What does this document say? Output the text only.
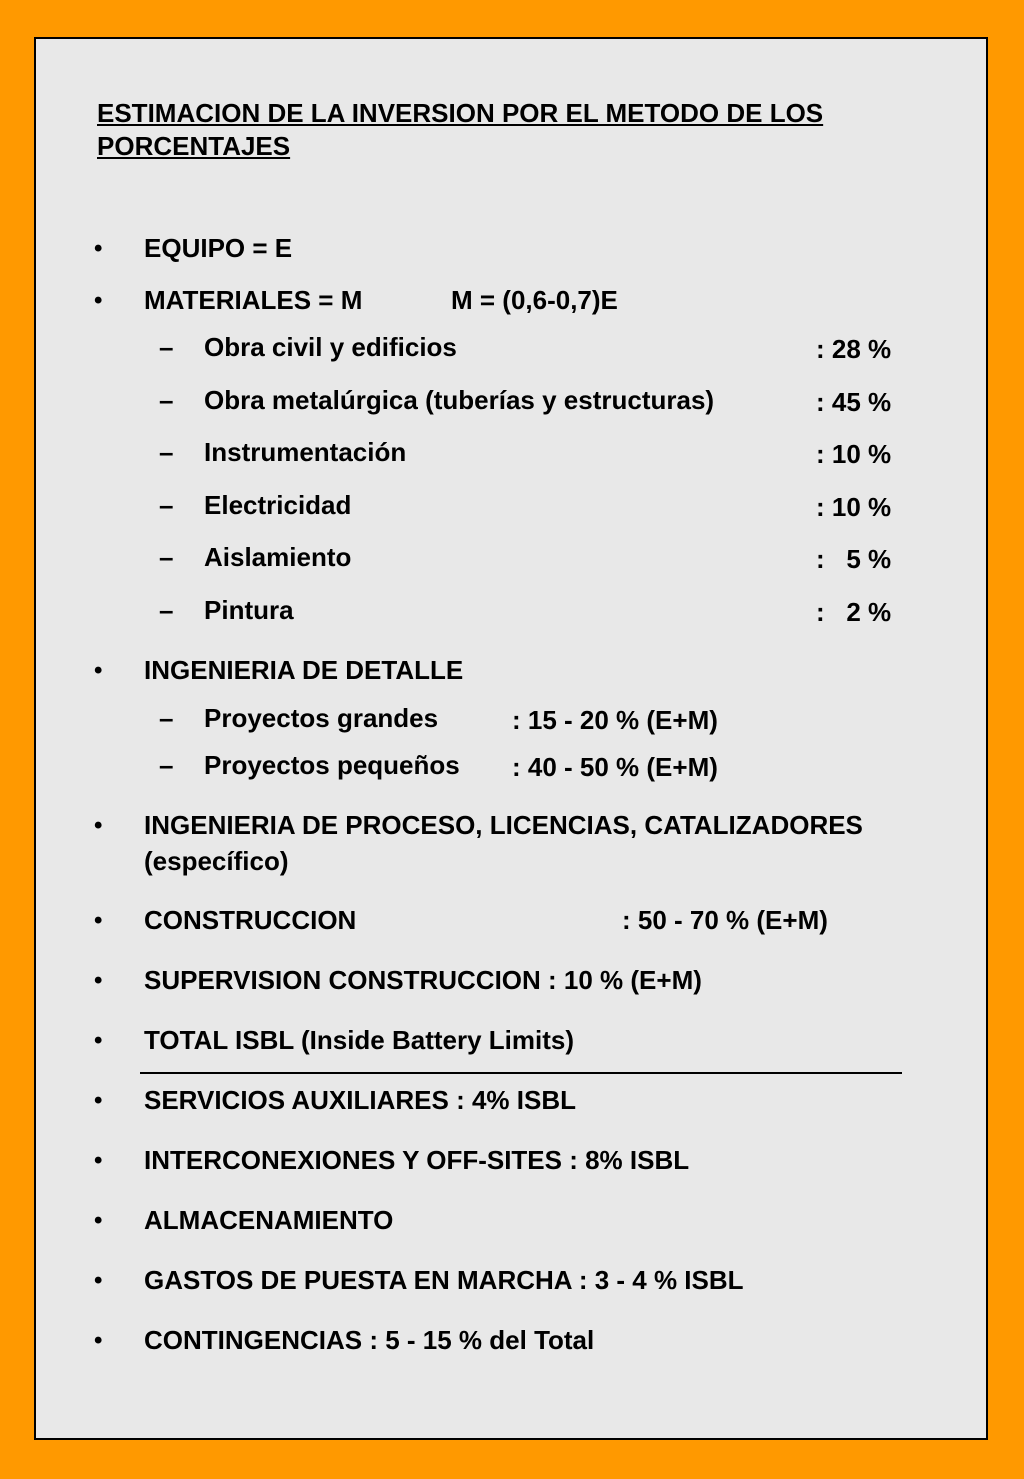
ESTIMACION DE LA INVERSION POR EL METODO DE LOS PORCENTAJES
• EQUIPO = E
• MATERIALES = M	M = (0,6-0,7)E
– Obra civil y edificios	: 28 %
– Obra metalúrgica (tuberías y estructuras)	: 45 %
– Instrumentación	: 10 %
– Electricidad	: 10 %
– Aislamiento	:   5 %
– Pintura	:   2 %
• INGENIERIA DE DETALLE
– Proyectos grandes	: 15 - 20 % (E+M)
– Proyectos pequeños : 40 - 50 % (E+M)
• INGENIERIA DE PROCESO, LICENCIAS, CATALIZADORES
(específico)
• CONSTRUCCION	: 50 - 70 % (E+M)
• SUPERVISION CONSTRUCCION : 10 % (E+M)
• TOTAL ISBL (Inside Battery Limits)
• SERVICIOS AUXILIARES : 4% ISBL
• INTERCONEXIONES Y OFF-SITES : 8% ISBL
• ALMACENAMIENTO
• GASTOS DE PUESTA EN MARCHA : 3 - 4 % ISBL
• CONTINGENCIAS : 5 - 15 % del Total
